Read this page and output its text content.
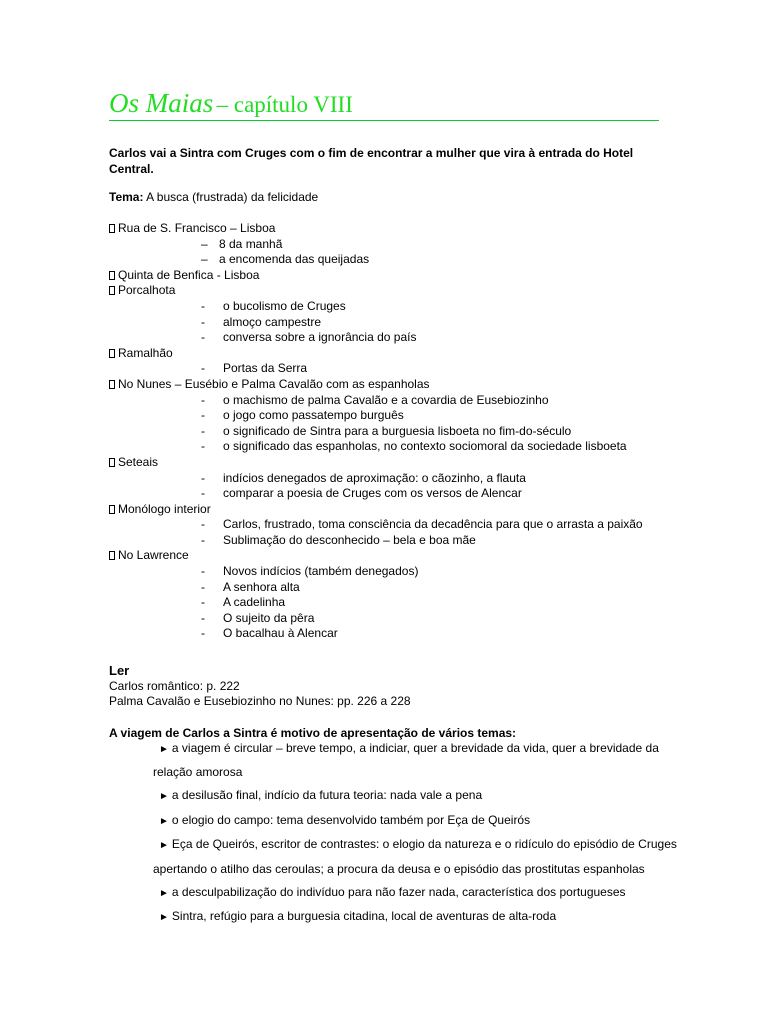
Os Maias – capítulo VIII
Carlos vai a Sintra com Cruges com o fim de encontrar a mulher que vira à entrada do Hotel Central.
Tema: A busca (frustrada) da felicidade
Rua de S. Francisco – Lisboa
– 8 da manhã
– a encomenda das queijadas
Quinta de Benfica - Lisboa
Porcalhota
- o bucolismo de Cruges
- almoço campestre
- conversa sobre a ignorância do país
Ramalhão
- Portas da Serra
No Nunes – Eusébio e Palma Cavalão com as espanholas
- o machismo de palma Cavalão e a covardia de Eusebiozinho
- o jogo como passatempo burguês
- o significado de Sintra para a burguesia lisboeta no fim-do-século
- o significado das espanholas, no contexto sociomoral da sociedade lisboeta
Seteais
- indícios denegados de aproximação: o cãozinho, a flauta
- comparar a poesia de Cruges com os versos de Alencar
Monólogo interior
- Carlos, frustrado, toma consciência da decadência para que o arrasta a paixão
- Sublimação do desconhecido – bela e boa mãe
No Lawrence
- Novos indícios (também denegados)
- A senhora alta
- A cadelinha
- O sujeito da pêra
- O bacalhau à Alencar
Ler
Carlos romântico: p. 222
Palma Cavalão e Eusebiozinho no Nunes: pp. 226 a 228
A viagem de Carlos a Sintra é motivo de apresentação de vários temas:
► a viagem é circular – breve tempo, a indiciar, quer a brevidade da vida, quer a brevidade da
relação amorosa
► a desilusão final, indício da futura teoria: nada vale a pena
► o elogio do campo: tema desenvolvido também por Eça de Queirós
► Eça de Queirós, escritor de contrastes: o elogio da natureza e o ridículo do episódio de Cruges
apertando o atilho das ceroulas; a procura da deusa e o episódio das prostitutas espanholas
► a desculpabilização do indivíduo para não fazer nada, característica dos portugueses
► Sintra, refúgio para a burguesia citadina, local de aventuras de alta-roda
